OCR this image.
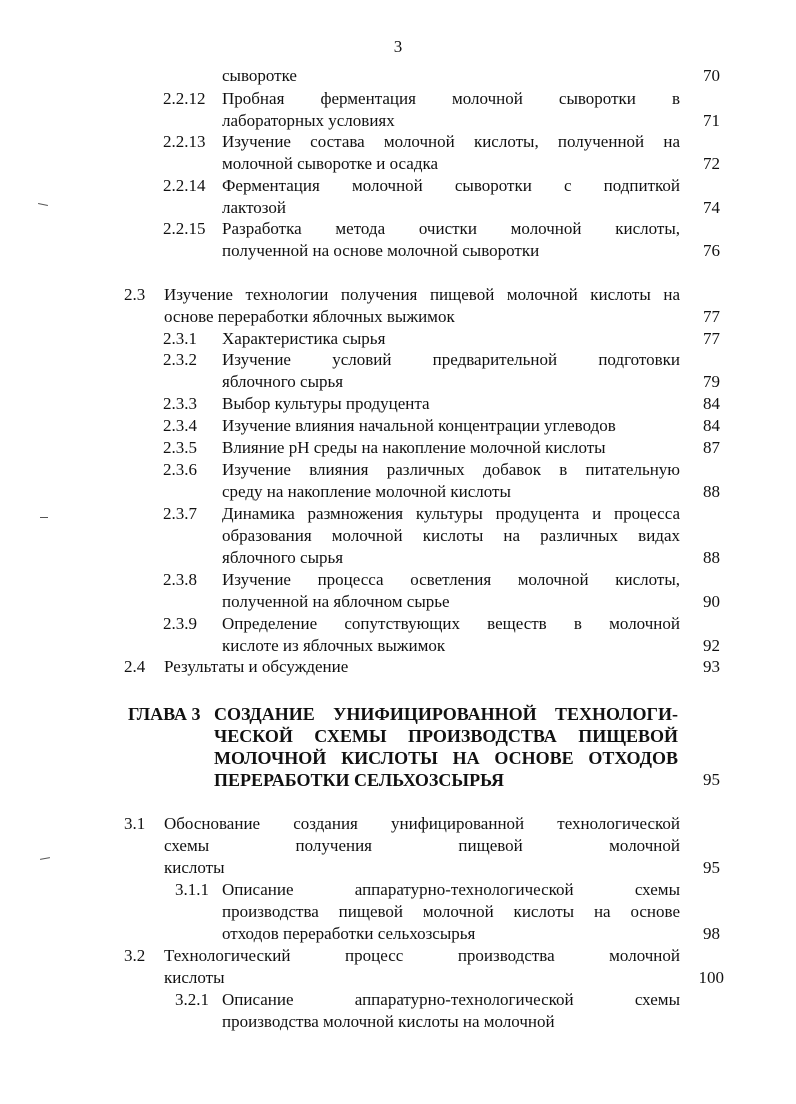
3
сыворотке .....	70
2.2.12 Пробная ферментация молочной сыворотки в
лабораторных условиях .....	71
2.2.13 Изучение состава молочной кислоты, полученной на
молочной сыворотке и осадка .....	72
2.2.14 Ферментация молочной сыворотки с подпиткой
лактозой .....	74
2.2.15 Разработка метода очистки молочной кислоты,
полученной на основе молочной сыворотки .....	76
2.3 Изучение технологии получения пищевой молочной кислоты на
основе переработки яблочных выжимок .....	77
2.3.1 Характеристика сырья .....	77
2.3.2 Изучение условий предварительной подготовки
яблочного сырья .....	79
2.3.3 Выбор культуры продуцента .....	84
2.3.4 Изучение влияния начальной концентрации углеводов .....	84
2.3.5 Влияние pH среды на накопление молочной кислоты .....	87
2.3.6 Изучение влияния различных добавок в питательную
среду на накопление молочной кислоты .....	88
2.3.7 Динамика размножения культуры продуцента и процесса
образования молочной кислоты на различных видах
яблочного сырья .....	88
2.3.8 Изучение процесса осветления молочной кислоты,
полученной на яблочном сырье .....	90
2.3.9 Определение сопутствующих веществ в молочной
кислоте из яблочных выжимок .....	92
2.4 Результаты и обсуждение .....	93
ГЛАВА 3 СОЗДАНИЕ УНИФИЦИРОВАННОЙ ТЕХНОЛОГИ-
ЧЕСКОЙ СХЕМЫ ПРОИЗВОДСТВА ПИЩЕВОЙ
МОЛОЧНОЙ КИСЛОТЫ НА ОСНОВЕ ОТХОДОВ
ПЕРЕРАБОТКИ СЕЛЬХОЗСЫРЬЯ .....	95
3.1 Обоснование создания унифицированной технологической
схемы получения пищевой молочной
кислоты .....	95
3.1.1 Описание аппаратурно-технологической схемы
производства пищевой молочной кислоты на основе
отходов переработки сельхозсырья .....	98
3.2 Технологический процесс производства молочной
кислоты .....	100
3.2.1 Описание аппаратурно-технологической схемы
производства молочной кислоты на молочной
